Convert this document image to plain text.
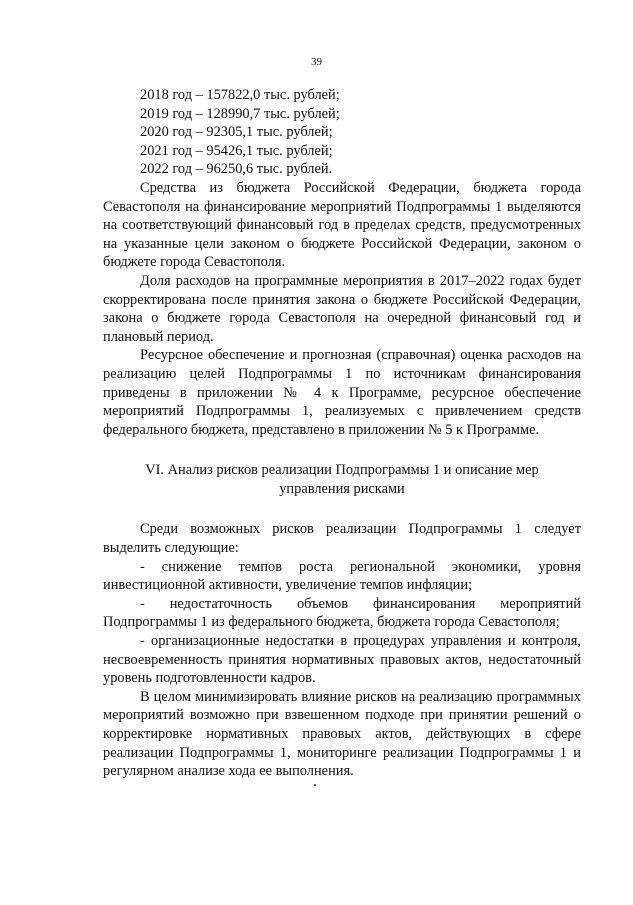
39
2018 год – 157822,0 тыс. рублей;
2019 год – 128990,7 тыс. рублей;
2020 год – 92305,1 тыс. рублей;
2021 год – 95426,1 тыс. рублей;
2022 год – 96250,6 тыс. рублей.

Средства из бюджета Российской Федерации, бюджета города Севастополя на финансирование мероприятий Подпрограммы 1 выделяются на соответствующий финансовый год в пределах средств, предусмотренных на указанные цели законом о бюджете Российской Федерации, законом о бюджете города Севастополя.

Доля расходов на программные мероприятия в 2017–2022 годах будет скорректирована после принятия закона о бюджете Российской Федерации, закона о бюджете города Севастополя на очередной финансовый год и плановый период.

Ресурсное обеспечение и прогнозная (справочная) оценка расходов на реализацию целей Подпрограммы 1 по источникам финансирования приведены в приложении № 4 к Программе, ресурсное обеспечение мероприятий Подпрограммы 1, реализуемых с привлечением средств федерального бюджета, представлено в приложении № 5 к Программе.

VI. Анализ рисков реализации Подпрограммы 1 и описание мер управления рисками

Среди возможных рисков реализации Подпрограммы 1 следует выделить следующие:

- снижение темпов роста региональной экономики, уровня инвестиционной активности, увеличение темпов инфляции;

- недостаточность объемов финансирования мероприятий Подпрограммы 1 из федерального бюджета, бюджета города Севастополя;

- организационные недостатки в процедурах управления и контроля, несвоевременность принятия нормативных правовых актов, недостаточный уровень подготовленности кадров.

В целом минимизировать влияние рисков на реализацию программных мероприятий возможно при взвешенном подходе при принятии решений о корректировке нормативных правовых актов, действующих в сфере реализации Подпрограммы 1, мониторинге реализации Подпрограммы 1 и регулярном анализе хода ее выполнения.
